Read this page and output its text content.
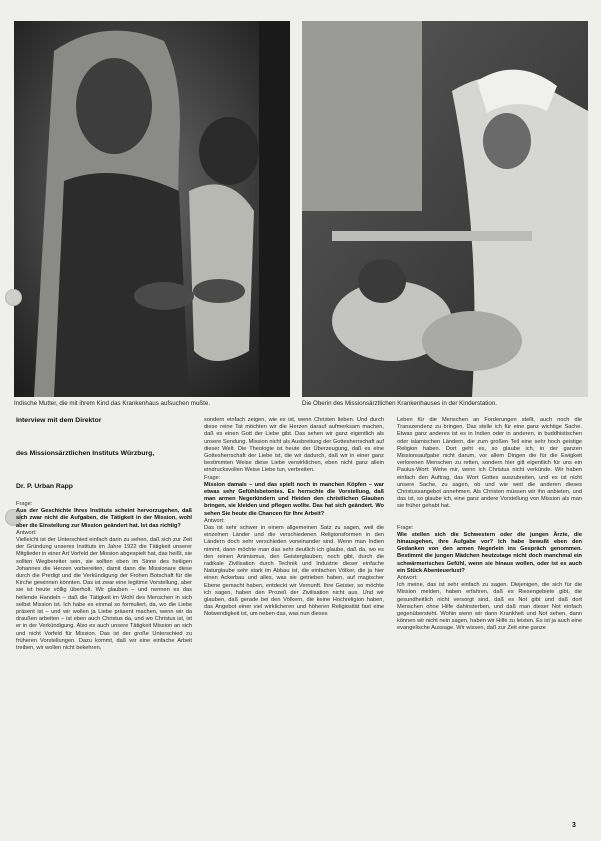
Indische Mutter, die mit ihrem Kind das Krankenhaus aufsuchen mußte.	Die Oberin des Missionsärztlichen Krankenhauses in der Kinderstation.
Interview mit dem Direktor
des Missionsärztlichen Instituts Würzburg,
Dr. P. Urban Rapp

Frage:

Aus der Geschichte Ihres Instituts scheint hervorzugehen, daß sich zwar nicht die Aufgaben, die Tätigkeit in der Mission, wohl aber die Einstellung zur Mission geändert hat. Ist das richtig?

Antwort:

Vielleicht ist der Unterschied einfach darin zu sehen, daß sich zur Zeit der Gründung unseres Instituts im Jahre 1922 die Tätigkeit unserer Mitglieder in einer Art Vorfeld der Mission abgespielt hat, das heißt, sie sollten Wegbereiter sein, sie sollten eben im Sinne des heiligen Johannes die Herzen vorbereiten, damit dann die Missionare diese durch die Predigt und die Verkündigung der Frohen Botschaft für die Kirche gewinnen könnten. Das ist zwar eine legitime Vorstellung, aber sie ist heute völlig überholt. Wir glauben – und nennen es das heilende Handeln – daß die Tätigkeit im Wohl des Menschen in sich selbst Mission ist. Ich habe es einmal so formuliert, da, wo die Liebe präsent ist – und wir wollen ja Liebe präsent machen, wenn wir da draußen arbeiten – ist eben auch Christus da, und wo Christus ist, ist er in der Verkündigung. Also es auch unsere Tätigkeit Mission an sich und nicht Vorfeld für Mission. Das ist der große Unterschied zu früheren Vorstellungen. Dazu kommt, daß wir eine einfache Arbeit treiben, wir wollen nicht bekehren,

sondern einfach zeigen, wie es ist, wenn Christen lieben. Und durch diese reine Tat möchten wir die Herzen darauf aufmerksam machen, daß es einen Gott der Liebe gibt. Das sehen wir ganz eigentlich als unsere Sendung. Mission nicht als Ausbreitung der Gottesherrschaft auf dieser Welt. Die Theologie ist heute der Überzeugung, daß es eine Gottesherrschaft der Liebe ist, die wir dadurch, daß wir in einer ganz bestimmten Weise diese Liebe verwirklichen, eben nicht ganz allein eindrucksvollen Weise Liebe tun, verbreiten.

Frage:

Mission damals – und das spielt noch in manchen Köpfen – war etwas sehr Gefühlsbetontes. Es herrschte die Vorstellung, daß man armen Negerkindern und Heiden den christlichen Glauben bringen, sie kleiden und pflegen wollte. Das hat sich geändert. Wo sehen Sie heute die Chancen für Ihre Arbeit?

Antwort:

Das ist sehr schwer in einem allgemeinen Satz zu sagen, weil die einzelnen Länder und die verschiedenen Religionsformen in den Ländern doch sehr verschieden voneinander sind. Wenn man Indien nimmt, dann möchte man das sehr deutlich ich glaube, daß da, wo es den reinen Animismus, den Geisterglauben, noch gibt, durch die radikale Zivilisation durch Technik und Industrie dieser einfache Naturglaube sehr stark im Abbau ist, die einfachen Völker, die ja hier einen Ackerbau und alles, was sie getrieben haben, auf magischer Ebene gemacht haben, entdeckt wir Vernunft. Ihre Geister, so möchte ich sagen, haben den Prozeß der Zivilisation nicht aus. Und wir glauben, daß gerade bei den Völkern, die keine Hochreligion haben, das Angebot einer viel wirklicheren und höheren Religiosität fast eine Notwendigkeit ist, um neben das, was nun dieses

Leben für die Menschen an Forderungen stellt, auch noch die Transzendenz zu bringen. Das stelle ich für eine ganz wichtige Sache. Etwas ganz anderes ist es in Indien oder in anderen, in buddhistischen oder islamischen Ländern, die zum großen Teil eine sehr hoch geistige Religion haben. Dort geht es, so glaube ich, in der ganzen Missionsaufgabe nicht darum, vor allem Dingen die für die Ewigkeit verlorenen Menschen zu retten, sondern hier gilt eigentlich für uns ein Paulus-Wort: Wehe mir, wenn ich Christus nicht verkünde. Wir haben einfach den Auftrag, das Wort Gottes auszubreiten, und es ist nicht unsere Sache, zu sagen, ob und wie weit die anderen dieses Christussangebot annehmen. Als Christen müssen wir ihn anbieten, und das ist, so glaube ich, eine ganz andere Vorstellung von Mission als man sie früher gehabt hat.

Frage:

Wie stellen sich die Schwestern oder die jungen Ärzte, die hinausgehen, ihre Aufgabe vor? Ich habe bewußt eben den Gedanken von den armen Negerlein ins Gespräch genommen. Bestimmt die jungen Mädchen heutzutage nicht doch manchmal ein schwärmerisches Gefühl, wenn sie hinaus wollen, oder ist es auch ein Stück Abenteuerlust?

Antwort:

Ich meine, das ist sehr einfach zu sagen. Diejenigen, die sich für die Mission melden, haben erfahren, daß es Riesengebiete gibt, die gesundheitlich nicht versorgt sind, daß es Not gibt und daß dort Menschen ohne Hilfe dahinsterben, und daß man dieser Not einfach gegenübersteht. Wohin wenn wir dann Krankheit und Not sehen, dann können wir nicht nein sagen, haben wir Hilfe zu leisten. Es ist ja auch eine evangelische Aussage. Wir wissen, daß zur Zeit eine ganze

3
